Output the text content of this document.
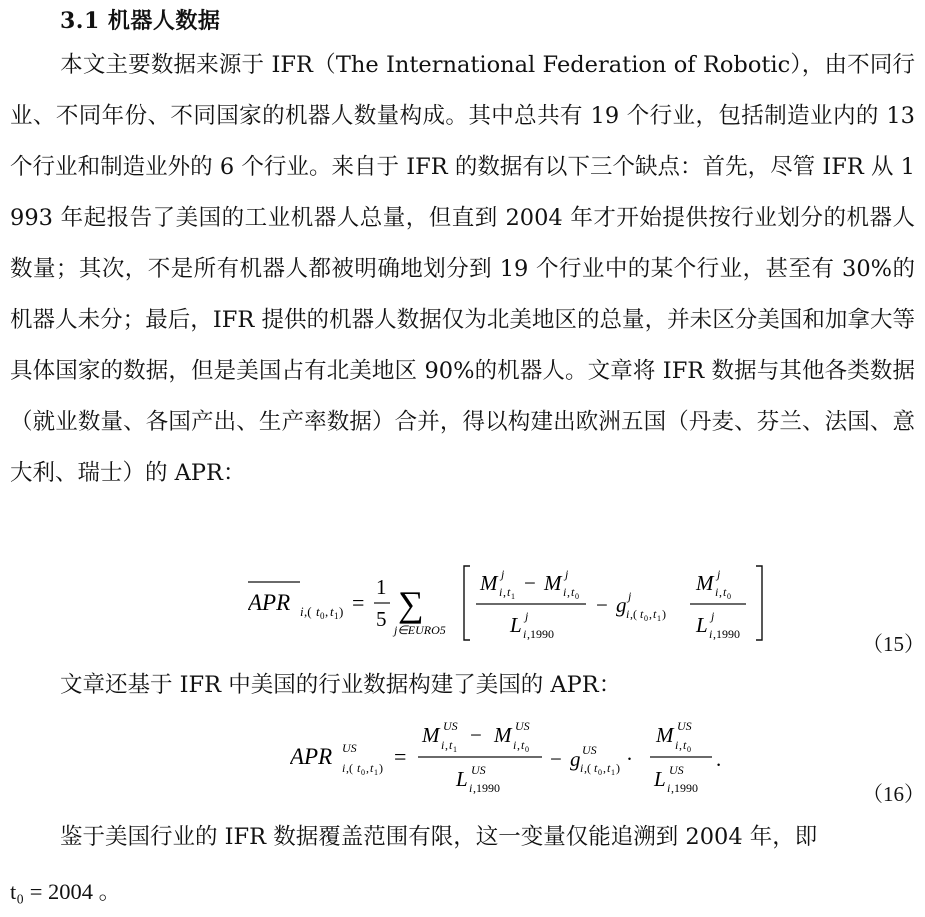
3.1 机器人数据
本文主要数据来源于 IFR（The International Federation of Robotic），由不同行业、不同年份、不同国家的机器人数量构成。其中总共有 19 个行业，包括制造业内的 13 个行业和制造业外的 6 个行业。来自于 IFR 的数据有以下三个缺点：首先，尽管 IFR 从 1993 年起报告了美国的工业机器人总量，但直到 2004 年才开始提供按行业划分的机器人数量；其次，不是所有机器人都被明确地划分到 19 个行业中的某个行业，甚至有 30%的机器人未分；最后，IFR 提供的机器人数据仅为北美地区的总量，并未区分美国和加拿大等具体国家的数据，但是美国占有北美地区 90%的机器人。文章将 IFR 数据与其他各类数据（就业数量、各国产出、生产率数据）合并，得以构建出欧洲五国（丹麦、芬兰、法国、意大利、瑞士）的 APR：
APR i ,( t 0 , t 1 ) =
1
5 ∑
j∈EURO5
M j
i , t 1
− M j
i , t 0
L j
i ,1990
− g j
i ,( t 0 , t 1 )
M j
i , t 0
L j
i ,1990	（15）
文章还基于 IFR 中美国的行业数据构建了美国的 APR：
APR US
i ,( t 0 , t 1 ) =
M US
i , t 1
− M US
i , t 0
L US
i ,1990
− g US
i ,( t 0 , t 1 ) ·
M US
i , t 0
L US
i ,1990
.
（16）
鉴于美国行业的 IFR 数据覆盖范围有限，这一变量仅能追溯到 2004 年，即
t₀ = 2004 。
